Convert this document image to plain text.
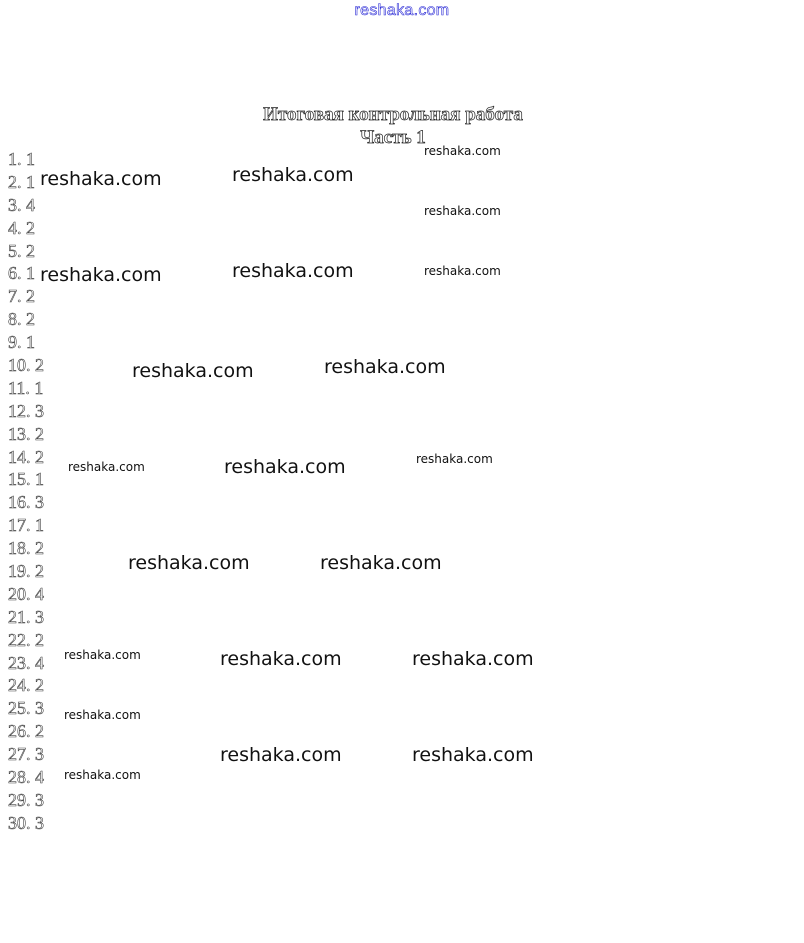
reshaka.com
Итоговая контрольная работа
Часть 1
1. 1
2. 1
3. 4
4. 2
5. 2
6. 1
7. 2
8. 2
9. 1
10. 2
11. 1
12. 3
13. 2
14. 2
15. 1
16. 3
17. 1
18. 2
19. 2
20. 4
21. 3
22. 2
23. 4
24. 2
25. 3
26. 2
27. 3
28. 4
29. 3
30. 3
reshaka.com
reshaka.com	reshaka.com
reshaka.com
reshaka.com	reshaka.com	reshaka.com
reshaka.com	reshaka.com
reshaka.com	reshaka.com	reshaka.com
reshaka.com	reshaka.com
reshaka.com	reshaka.com	reshaka.com
reshaka.com
reshaka.com	reshaka.com
reshaka.com
